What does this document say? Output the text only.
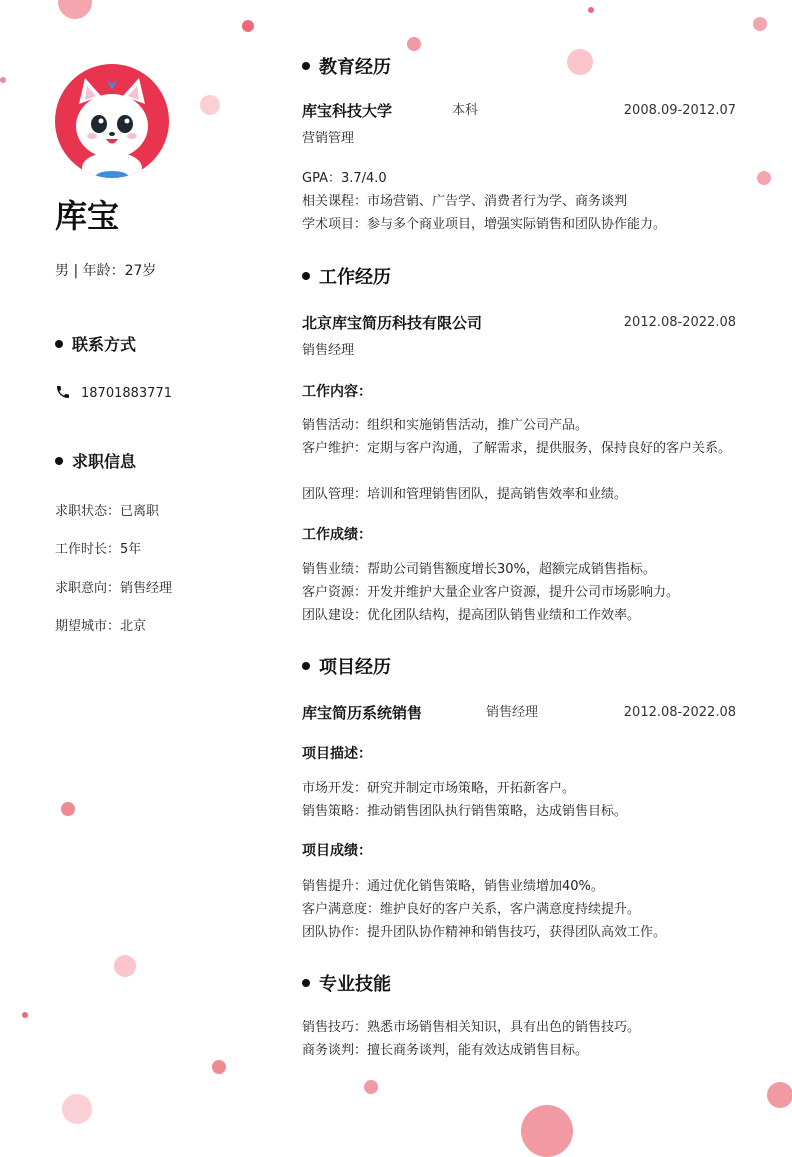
库宝
男 | 年龄：27岁
联系方式
18701883771
求职信息
求职状态：已离职
工作时长：5年
求职意向：销售经理
期望城市：北京
教育经历
库宝科技大学	本科	2008.09-2012.07
营销管理
GPA：3.7/4.0
相关课程：市场营销、广告学、消费者行为学、商务谈判
学术项目：参与多个商业项目，增强实际销售和团队协作能力。
工作经历
北京库宝简历科技有限公司	2012.08-2022.08
销售经理
工作内容：
销售活动：组织和实施销售活动，推广公司产品。
客户维护：定期与客户沟通，了解需求，提供服务，保持良好的客户关系。
团队管理：培训和管理销售团队，提高销售效率和业绩。
工作成绩：
销售业绩：帮助公司销售额度增长30%，超额完成销售指标。
客户资源：开发并维护大量企业客户资源，提升公司市场影响力。
团队建设：优化团队结构，提高团队销售业绩和工作效率。
项目经历
库宝简历系统销售	销售经理	2012.08-2022.08
项目描述：
市场开发：研究并制定市场策略，开拓新客户。
销售策略：推动销售团队执行销售策略，达成销售目标。
项目成绩：
销售提升：通过优化销售策略，销售业绩增加40%。
客户满意度：维护良好的客户关系，客户满意度持续提升。
团队协作：提升团队协作精神和销售技巧，获得团队高效工作。
专业技能
销售技巧：熟悉市场销售相关知识，具有出色的销售技巧。
商务谈判：擅长商务谈判，能有效达成销售目标。
